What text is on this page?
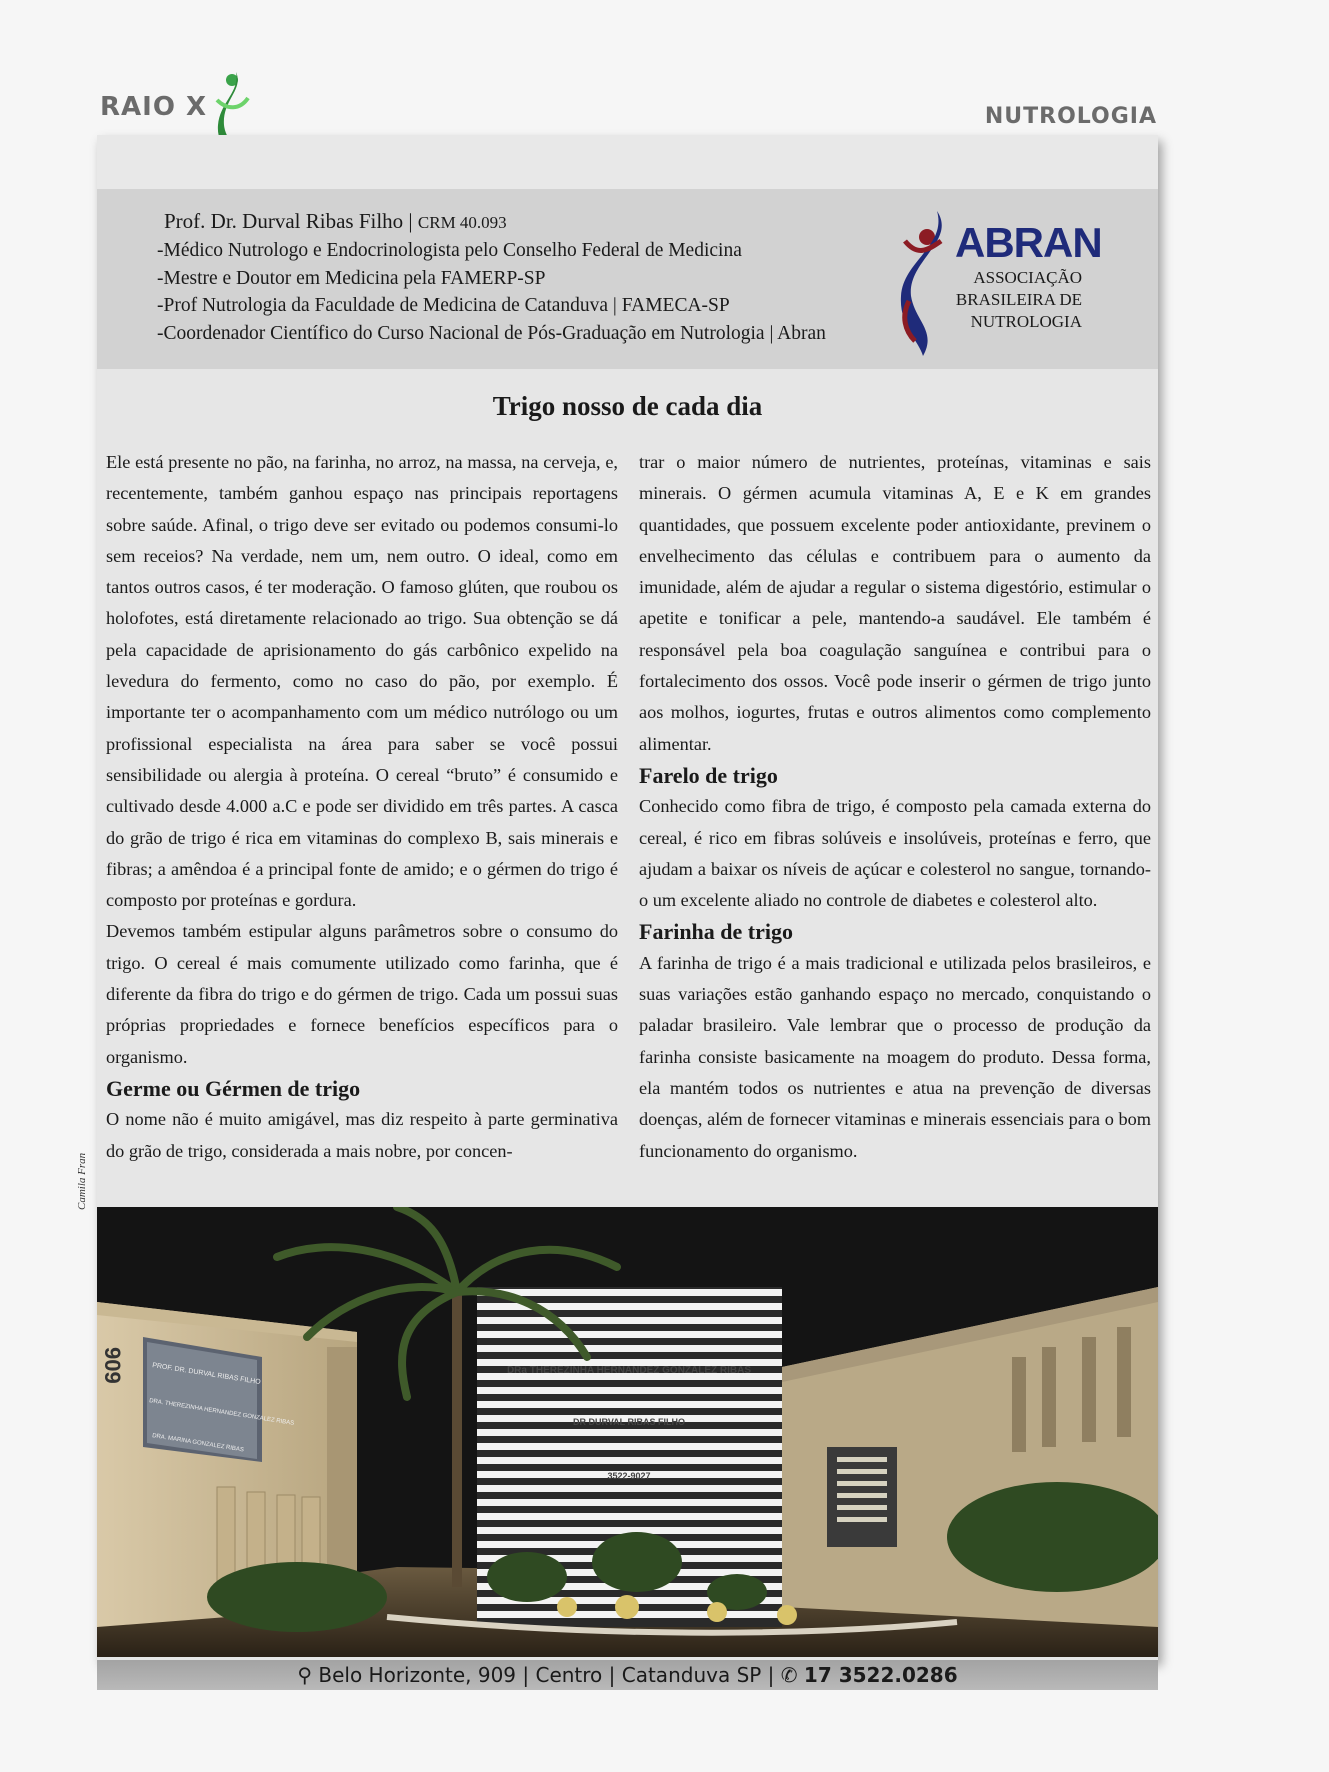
RAIO X	NUTROLOGIA
Prof. Dr. Durval Ribas Filho | CRM 40.093
-Médico Nutrologo e Endocrinologista pelo Conselho Federal de Medicina
-Mestre e Doutor em Medicina pela FAMERP-SP
-Prof Nutrologia da Faculdade de Medicina de Catanduva | FAMECA-SP
-Coordenador Científico do Curso Nacional de Pós-Graduação em Nutrologia | Abran
ABRAN
ASSOCIAÇÃO
BRASILEIRA DE
NUTROLOGIA
Trigo nosso de cada dia

Ele está presente no pão, na farinha, no arroz, na massa, na cerveja, e, recentemente, também ganhou espaço nas principais reportagens sobre saúde. Afinal, o trigo deve ser evitado ou podemos consumi-lo sem receios? Na verdade, nem um, nem outro. O ideal, como em tantos outros casos, é ter moderação. O famoso glúten, que roubou os holofotes, está diretamente relacionado ao trigo. Sua obtenção se dá pela capacidade de aprisionamento do gás carbônico expelido na levedura do fermento, como no caso do pão, por exemplo. É importante ter o acompanhamento com um médico nutrólogo ou um profissional especialista na área para saber se você possui sensibilidade ou alergia à proteína. O cereal “bruto” é consumido e cultivado desde 4.000 a.C e pode ser dividido em três partes. A casca do grão de trigo é rica em vitaminas do complexo B, sais minerais e fibras; a amêndoa é a principal fonte de amido; e o gérmen do trigo é composto por proteínas e gordura.

Devemos também estipular alguns parâmetros sobre o consumo do trigo. O cereal é mais comumente utilizado como farinha, que é diferente da fibra do trigo e do gérmen de trigo. Cada um possui suas próprias propriedades e fornece benefícios específicos para o organismo.

Germe ou Gérmen de trigo

O nome não é muito amigável, mas diz respeito à parte germinativa do grão de trigo, considerada a mais nobre, por concen-

trar o maior número de nutrientes, proteínas, vitaminas e sais minerais. O gérmen acumula vitaminas A, E e K em grandes quantidades, que possuem excelente poder antioxidante, previnem o envelhecimento das células e contribuem para o aumento da imunidade, além de ajudar a regular o sistema digestório, estimular o apetite e tonificar a pele, mantendo-a saudável. Ele também é responsável pela boa coagulação sanguínea e contribui para o fortalecimento dos ossos. Você pode inserir o gérmen de trigo junto aos molhos, iogurtes, frutas e outros alimentos como complemento alimentar.

Farelo de trigo

Conhecido como fibra de trigo, é composto pela camada externa do cereal, é rico em fibras solúveis e insolúveis, proteínas e ferro, que ajudam a baixar os níveis de açúcar e colesterol no sangue, tornando-o um excelente aliado no controle de diabetes e colesterol alto.

Farinha de trigo

A farinha de trigo é a mais tradicional e utilizada pelos brasileiros, e suas variações estão ganhando espaço no mercado, conquistando o paladar brasileiro. Vale lembrar que o processo de produção da farinha consiste basicamente na moagem do produto. Dessa forma, ela mantém todos os nutrientes e atua na prevenção de diversas doenças, além de fornecer vitaminas e minerais essenciais para o bom funcionamento do organismo.

PROF. DR. DURVAL RIBAS FILHO
DRA. THEREZINHA HERNANDEZ GONZALEZ RIBAS
DRA. MARINA GONZALEZ RIBAS
909	DRa THEREZINHA HERNANDEZ GONZALEZ RIBAS
DR DURVAL RIBAS FILHO
3522-9027
⚲ Belo Horizonte, 909 | Centro | Catanduva SP | ✆ 17 3522.0286
Camila Fran
